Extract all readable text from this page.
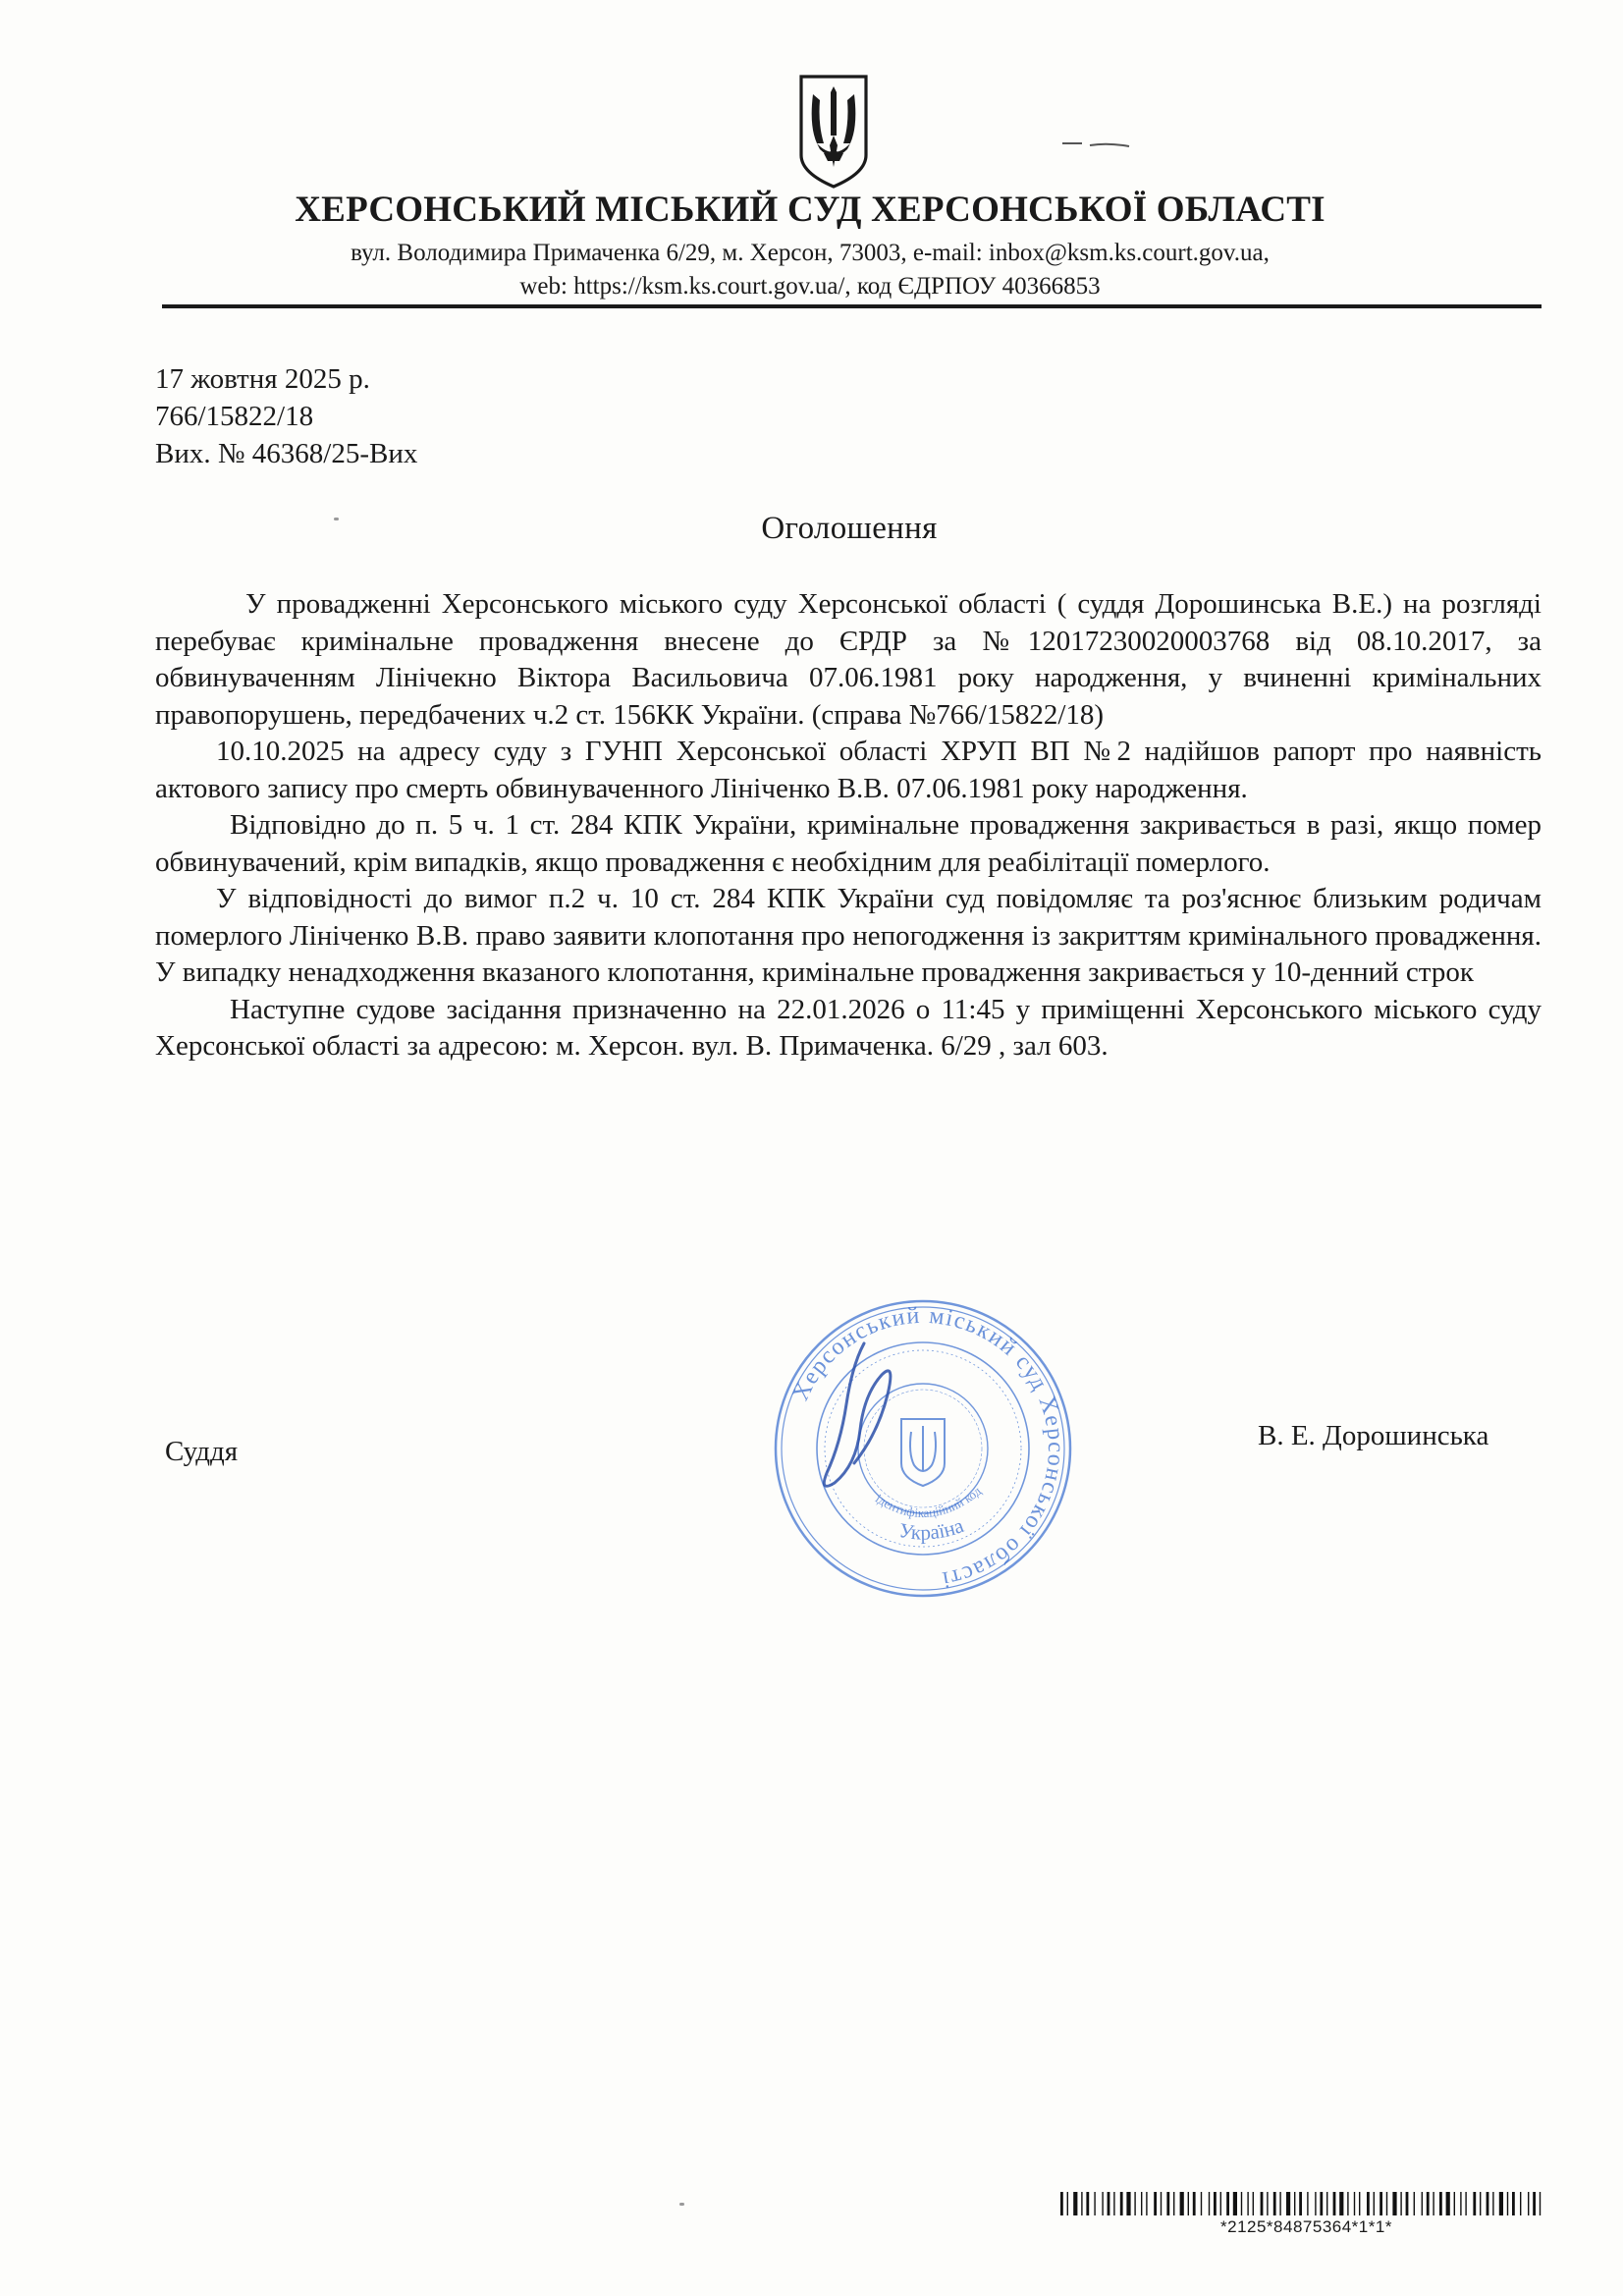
ХЕРСОНСЬКИЙ МІСЬКИЙ СУД ХЕРСОНСЬКОЇ ОБЛАСТІ
вул. Володимира Примаченка 6/29, м. Херсон, 73003, e-mail: inbox@ksm.ks.court.gov.ua,
web: https://ksm.ks.court.gov.ua/, код ЄДРПОУ 40366853
17 жовтня 2025 р.
766/15822/18
Вих. № 46368/25-Вих
Оголошення

У провадженні Херсонського міського суду Херсонської області ( суддя Дорошинська В.Е.) на розгляді перебуває кримінальне провадження внесене до ЄРДР за №12017230020003768 від 08.10.2017, за обвинуваченням Лінічекно Віктора Васильовича 07.06.1981 року народження, у вчиненні кримінальних правопорушень, передбачених ч.2 ст. 156КК України. (справа №766/15822/18)

10.10.2025 на адресу суду з ГУНП Херсонської області ХРУП ВП №2 надійшов рапорт про наявність актового запису про смерть обвинуваченного Лініченко В.В. 07.06.1981 року народження.

Відповідно до п. 5 ч. 1 ст. 284 КПК України, кримінальне провадження закривається в разі, якщо помер обвинувачений, крім випадків, якщо провадження є необхідним для реабілітації померлого.

У відповідності до вимог п.2 ч. 10 ст. 284 КПК України суд повідомляє та роз'яснює близьким родичам померлого Лініченко В.В. право заявити клопотання про непогодження із закриттям кримінального провадження. У випадку ненадходження вказаного клопотання, кримінальне провадження закривається у 10-денний строк

Наступне судове засідання призначенно на 22.01.2026 о 11:45 у приміщенні Херсонського міського суду Херсонської області за адресою: м. Херсон. вул. В. Примаченка. 6/29 , зал 603.

Херсонський міський суд Херсонської області
Україна
ідентифікаційний код
Суддя	В. Е. Дорошинська
*2125*84875364*1*1*
